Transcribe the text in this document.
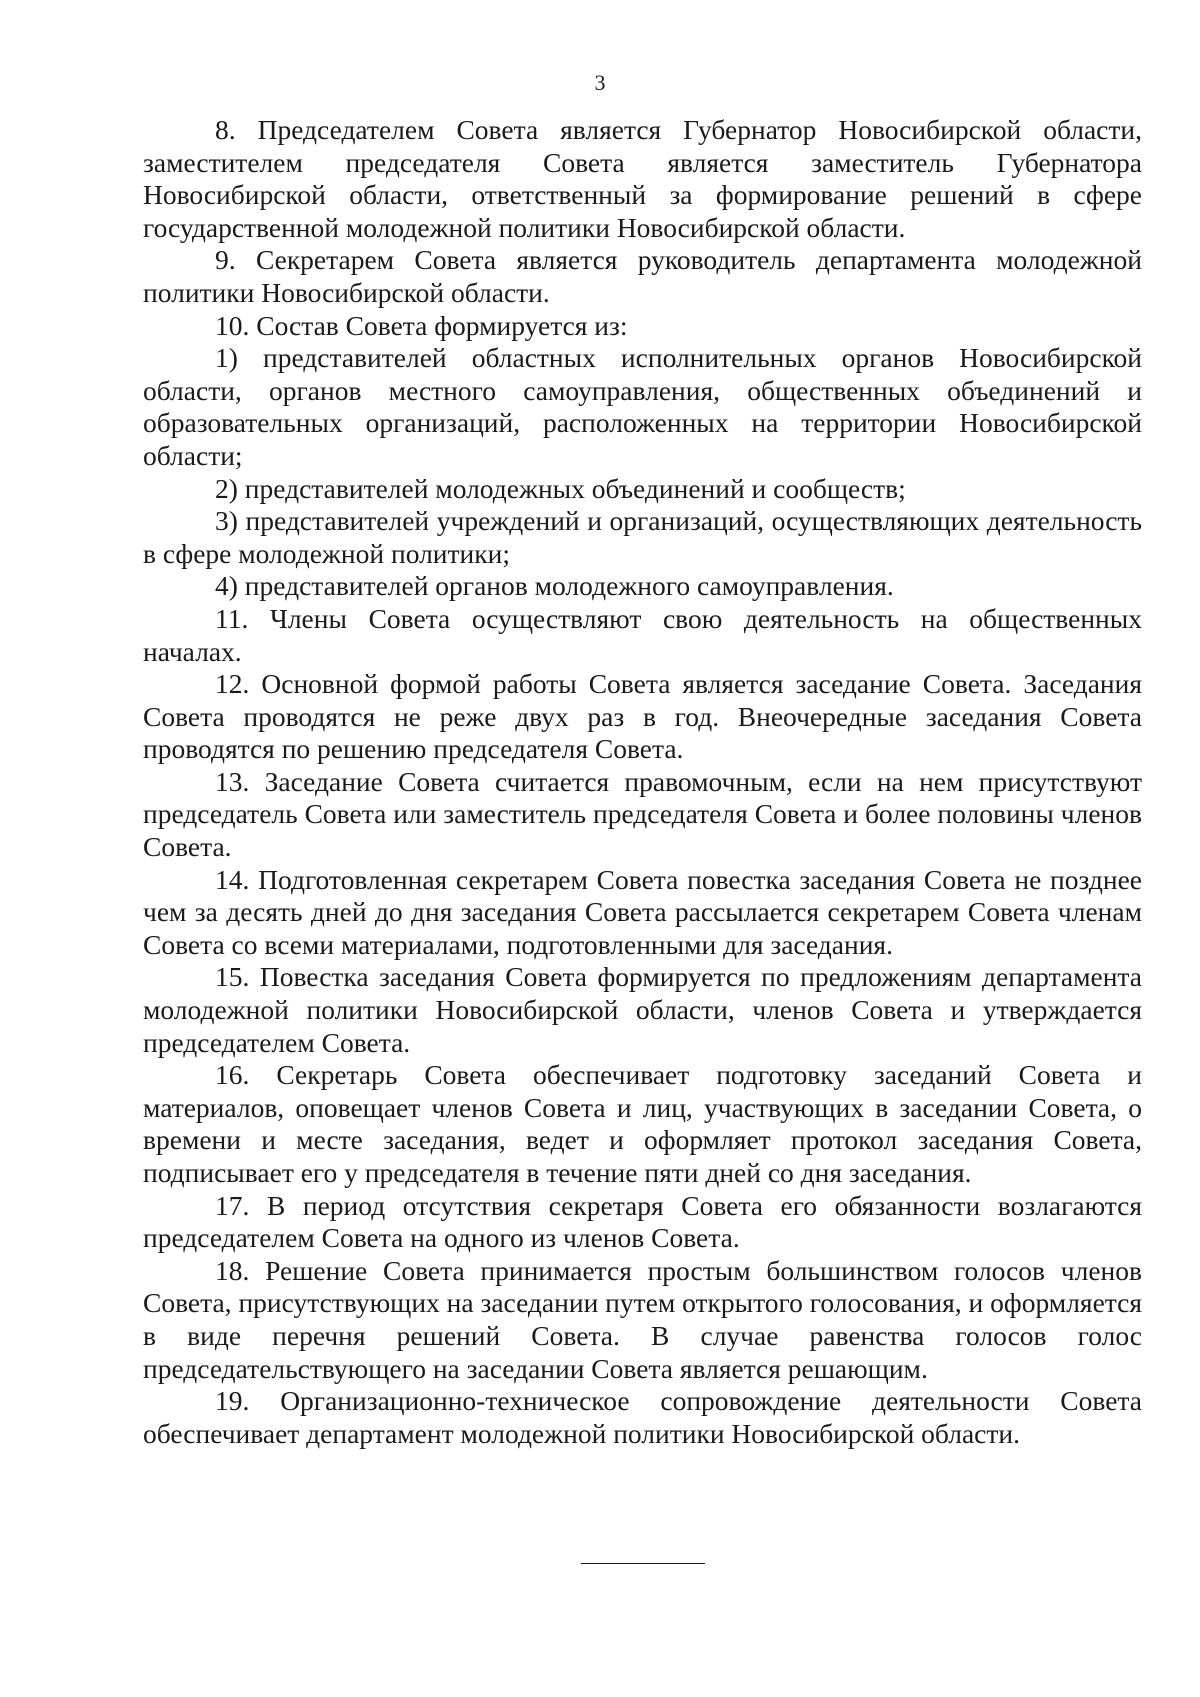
3

8. Председателем Совета является Губернатор Новосибирской области, заместителем председателя Совета является заместитель Губернатора Новосибирской области, ответственный за формирование решений в сфере государственной молодежной политики Новосибирской области.

9. Секретарем Совета является руководитель департамента молодежной политики Новосибирской области.

10. Состав Совета формируется из:

1) представителей областных исполнительных органов Новосибирской области, органов местного самоуправления, общественных объединений и образовательных организаций, расположенных на территории Новосибирской области;

2) представителей молодежных объединений и сообществ;

3) представителей учреждений и организаций, осуществляющих деятельность в сфере молодежной политики;

4) представителей органов молодежного самоуправления.

11. Члены Совета осуществляют свою деятельность на общественных началах.

12. Основной формой работы Совета является заседание Совета. Заседания Совета проводятся не реже двух раз в год. Внеочередные заседания Совета проводятся по решению председателя Совета.

13. Заседание Совета считается правомочным, если на нем присутствуют председатель Совета или заместитель председателя Совета и более половины членов Совета.

14. Подготовленная секретарем Совета повестка заседания Совета не позднее чем за десять дней до дня заседания Совета рассылается секретарем Совета членам Совета со всеми материалами, подготовленными для заседания.

15. Повестка заседания Совета формируется по предложениям департамента молодежной политики Новосибирской области, членов Совета и утверждается председателем Совета.

16. Секретарь Совета обеспечивает подготовку заседаний Совета и материалов, оповещает членов Совета и лиц, участвующих в заседании Совета, о времени и месте заседания, ведет и оформляет протокол заседания Совета, подписывает его у председателя в течение пяти дней со дня заседания.

17. В период отсутствия секретаря Совета его обязанности возлагаются председателем Совета на одного из членов Совета.

18. Решение Совета принимается простым большинством голосов членов Совета, присутствующих на заседании путем открытого голосования, и оформляется в виде перечня решений Совета. В случае равенства голосов голос председательствующего на заседании Совета является решающим.

19. Организационно-техническое сопровождение деятельности Совета обеспечивает департамент молодежной политики Новосибирской области.
